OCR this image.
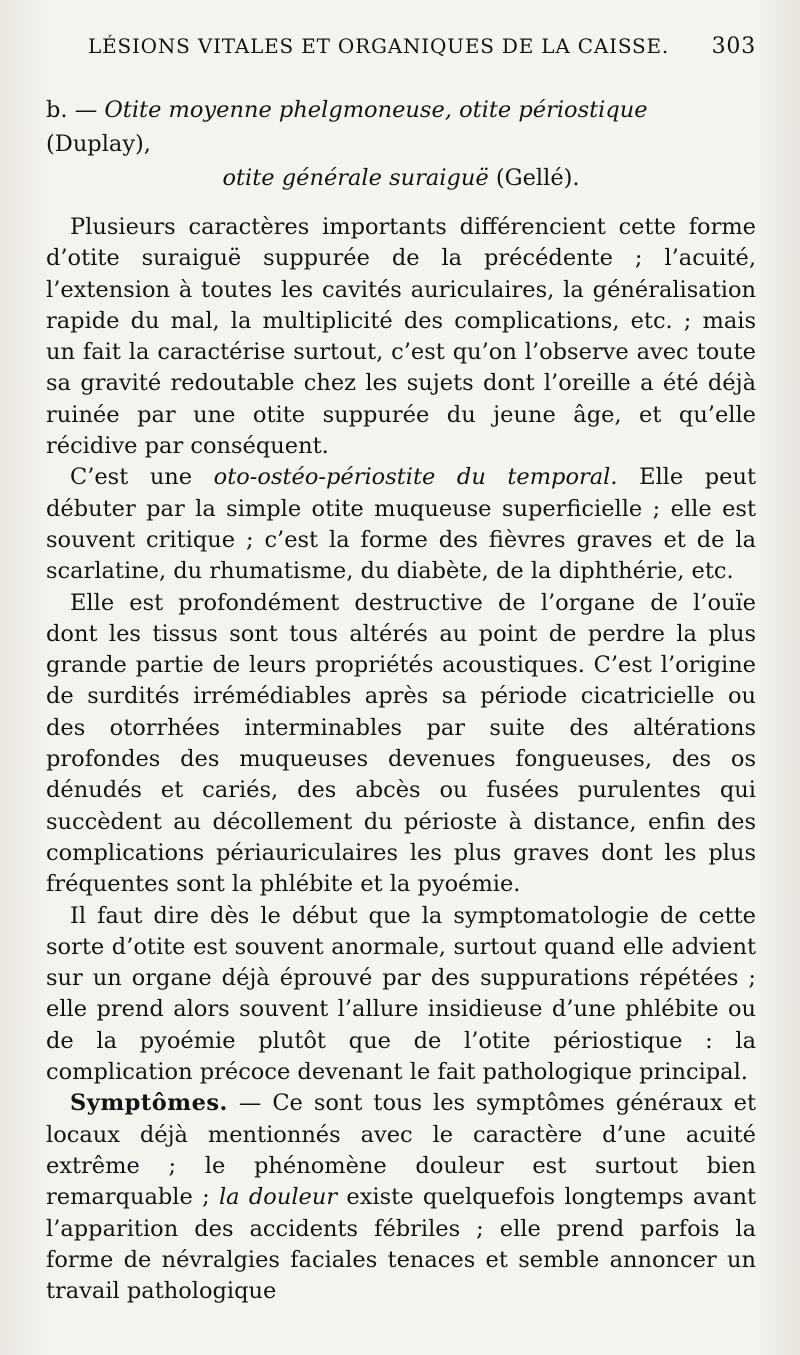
LÉSIONS VITALES ET ORGANIQUES DE LA CAISSE. 303
b. — Otite moyenne phelgmoneuse, otite périostique (Duplay),
otite générale suraiguë (Gellé).

Plusieurs caractères importants différencient cette forme d’otite suraiguë suppurée de la précédente ; l’acuité, l’extension à toutes les cavités auriculaires, la généralisation rapide du mal, la multiplicité des complications, etc. ; mais un fait la caractérise surtout, c’est qu’on l’observe avec toute sa gravité redoutable chez les sujets dont l’oreille a été déjà ruinée par une otite suppurée du jeune âge, et qu’elle récidive par conséquent.

C’est une oto-ostéo-périostite du temporal. Elle peut débuter par la simple otite muqueuse superficielle ; elle est souvent critique ; c’est la forme des fièvres graves et de la scarlatine, du rhumatisme, du diabète, de la diphthérie, etc.

Elle est profondément destructive de l’organe de l’ouïe dont les tissus sont tous altérés au point de perdre la plus grande partie de leurs propriétés acoustiques. C’est l’origine de surdités irrémédiables après sa période cicatricielle ou des otorrhées interminables par suite des altérations profondes des muqueuses devenues fongueuses, des os dénudés et cariés, des abcès ou fusées purulentes qui succèdent au décollement du périoste à distance, enfin des complications périauriculaires les plus graves dont les plus fréquentes sont la phlébite et la pyoémie.

Il faut dire dès le début que la symptomatologie de cette sorte d’otite est souvent anormale, surtout quand elle advient sur un organe déjà éprouvé par des suppurations répétées ; elle prend alors souvent l’allure insidieuse d’une phlébite ou de la pyoémie plutôt que de l’otite périostique : la complication précoce devenant le fait pathologique principal.

Symptômes. — Ce sont tous les symptômes généraux et locaux déjà mentionnés avec le caractère d’une acuité extrême ; le phénomène douleur est surtout bien remarquable ; la douleur existe quelquefois longtemps avant l’apparition des accidents fébriles ; elle prend parfois la forme de névralgies faciales tenaces et semble annoncer un travail pathologique
